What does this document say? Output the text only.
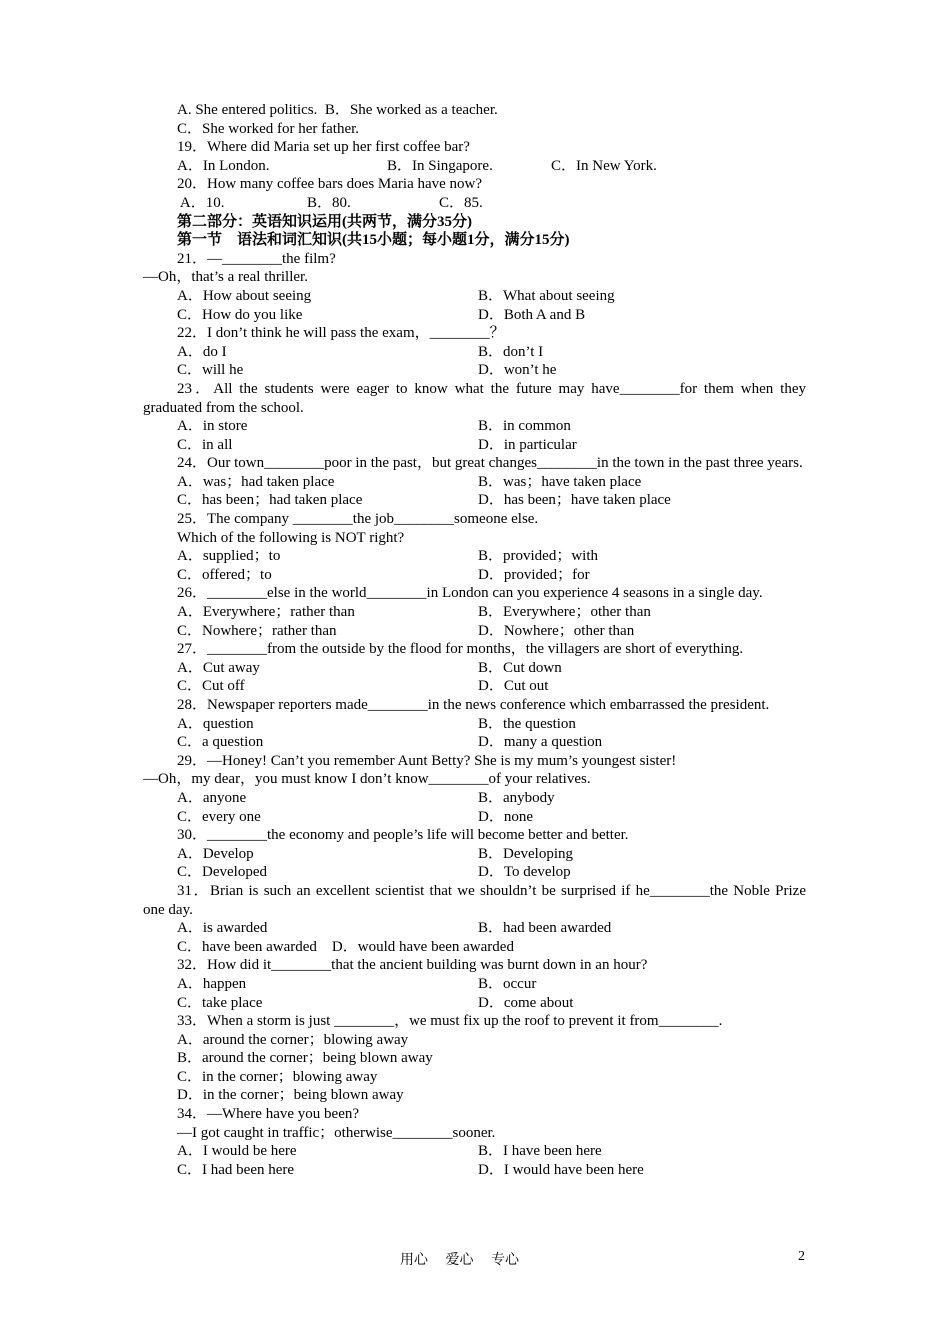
A. She entered politics.  B．She worked as a teacher.
C．She worked for her father.
19．Where did Maria set up her first coffee bar?
A．In London.	B．In Singapore.	C．In New York.
20．How many coffee bars does Maria have now?
A．10.	B．80.	C．85.
第二部分：英语知识运用(共两节，满分35分)
第一节　语法和词汇知识(共15小题；每小题1分，满分15分)
21．—________the film?
—Oh，that’s a real thriller.
A．How about seeing	B．What about seeing
C．How do you like	D．Both A and B
22．I don’t think he will pass the exam，________？
A．do I	B．don’t I
C．will he	D．won’t he
23．All the students were eager to know what the future may have________for them when they graduated from the school.
A．in store	B．in common
C．in all	D．in particular
24．Our town________poor in the past，but great changes________in the town in the past three years.
A．was；had taken place	B．was；have taken place
C．has been；had taken place	D．has been；have taken place
25．The company ________the job________someone else.
Which of the following is NOT right?
A．supplied；to	B．provided；with
C．offered；to	D．provided；for
26．________else in the world________in London can you experience 4 seasons in a single day.
A．Everywhere；rather than	B．Everywhere；other than
C．Nowhere；rather than	D．Nowhere；other than
27．________from the outside by the flood for months，the villagers are short of everything.
A．Cut away	B．Cut down
C．Cut off	D．Cut out
28．Newspaper reporters made________in the news conference which embarrassed the president.
A．question	B．the question
C．a question	D．many a question
29．—Honey! Can’t you remember Aunt Betty? She is my mum’s youngest sister!
—Oh，my dear，you must know I don’t know________of your relatives.
A．anyone	B．anybody
C．every one	D．none
30．________the economy and people’s life will become better and better.
A．Develop	B．Developing
C．Developed	D．To develop
31．Brian is such an excellent scientist that we shouldn’t be surprised if he________the Noble Prize one day.
A．is awarded	B．had been awarded
C．have been awarded　D．would have been awarded
32．How did it________that the ancient building was burnt down in an hour?
A．happen	B．occur
C．take place	D．come about
33．When a storm is just ________，we must fix up the roof to prevent it from________.
A．around the corner；blowing away
B．around the corner；being blown away
C．in the corner；blowing away
D．in the corner；being blown away
34．—Where have you been?
—I got caught in traffic；otherwise________sooner.
A．I would be here	B．I have been here
C．I had been here	D．I would have been here
用心　 爱心　 专心	2
